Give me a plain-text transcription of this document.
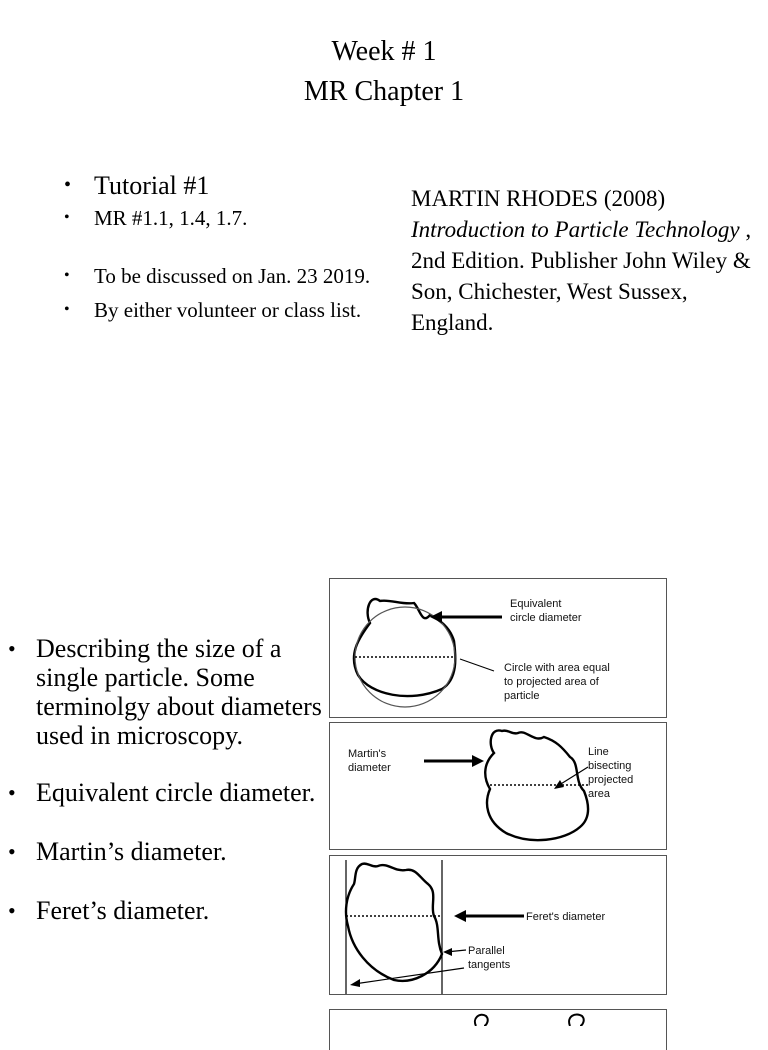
Week # 1
MR Chapter 1
• Tutorial #1
• MR #1.1, 1.4, 1.7.
• To be discussed on Jan. 23 2019.
• By either volunteer or class list.
MARTIN RHODES (2008)
Introduction to Particle Technology , 2nd Edition. Publisher John Wiley & Son, Chichester, West Sussex, England.
• Describing the size of a single particle. Some terminolgy about diameters used in microscopy.
• Equivalent circle diameter.
• Martin’s diameter.
• Feret’s diameter.
Equivalent
circle diameter
Circle with area equal
to projected area of
particle
Martin's
diameter
Line
bisecting
projected
area
Feret's diameter
Parallel
tangents
